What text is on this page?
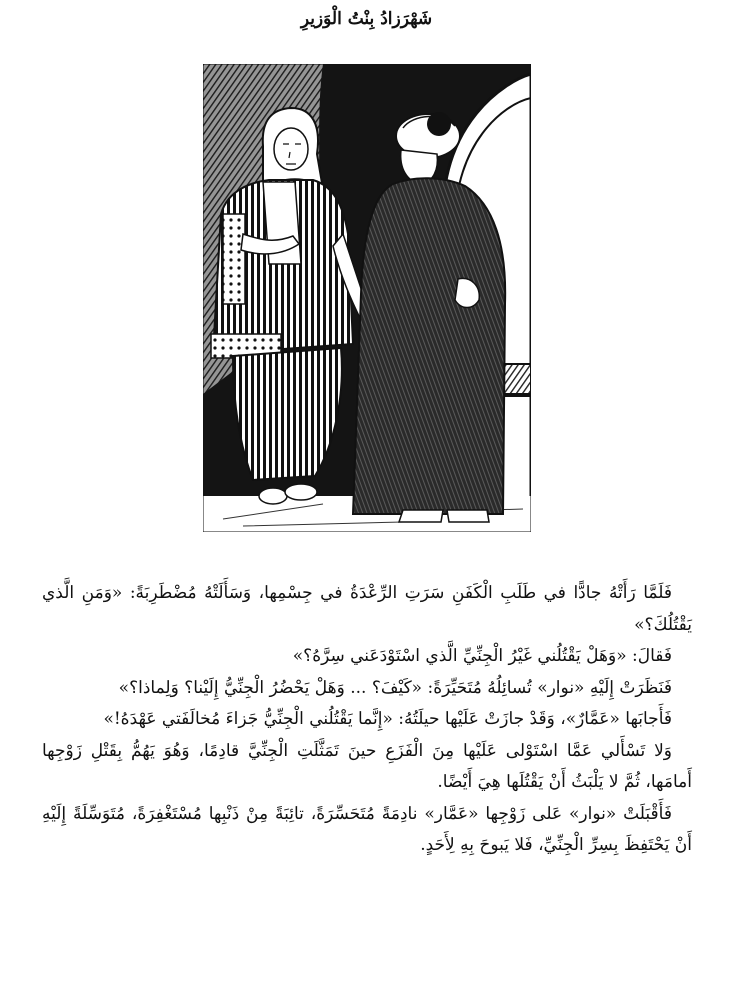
شَهْرَزادُ بِنْتُ الْوَزيرِ

فَلَمَّا رَأَتْهُ جادًّا في طَلَبِ الْكَفَنِ سَرَتِ الرِّعْدَةُ في جِسْمِها، وَسَأَلَتْهُ مُضْطَرِبَةً: «وَمَنِ الَّذي يَقْتُلُكَ؟»

فَقالَ: «وَهَلْ يَقْتُلُني غَيْرُ الْجِنِّيِّ الَّذي اسْتَوْدَعَني سِرَّهُ؟»

فَنَظَرَتْ إِلَيْهِ «نوار» تُسائِلُهُ مُتَحَيِّرَةً: «كَيْفَ؟ ... وَهَلْ يَحْضُرُ الْجِنِّيُّ إِلَيْنا؟ وَلِماذا؟»

فَأَجابَها «عَمَّارٌ»، وَقَدْ جازَتْ عَلَيْها حيلَتُهُ: «إِنَّما يَقْتُلُني الْجِنِّيُّ جَزاءَ مُخالَفَتي عَهْدَهُ!»

وَلا تَسْأَلي عَمَّا اسْتَوْلى عَلَيْها مِنَ الْفَزَعِ حينَ تَمَثَّلَتِ الْجِنِّيَّ قادِمًا، وَهُوَ يَهُمُّ بِقَتْلِ زَوْجِها أَمامَها، ثُمَّ لا يَلْبَثُ أَنْ يَقْتُلَها هِيَ أَيْضًا.

فَأَقْبَلَتْ «نوار» عَلى زَوْجِها «عَمَّار» نادِمَةً مُتَحَسِّرَةً، تائِبَةً مِنْ ذَنْبِها مُسْتَغْفِرَةً، مُتَوَسِّلَةً إِلَيْهِ أَنْ يَحْتَفِظَ بِسِرِّ الْجِنِّيِّ، فَلا يَبوحَ بِهِ لِأَحَدٍ.
